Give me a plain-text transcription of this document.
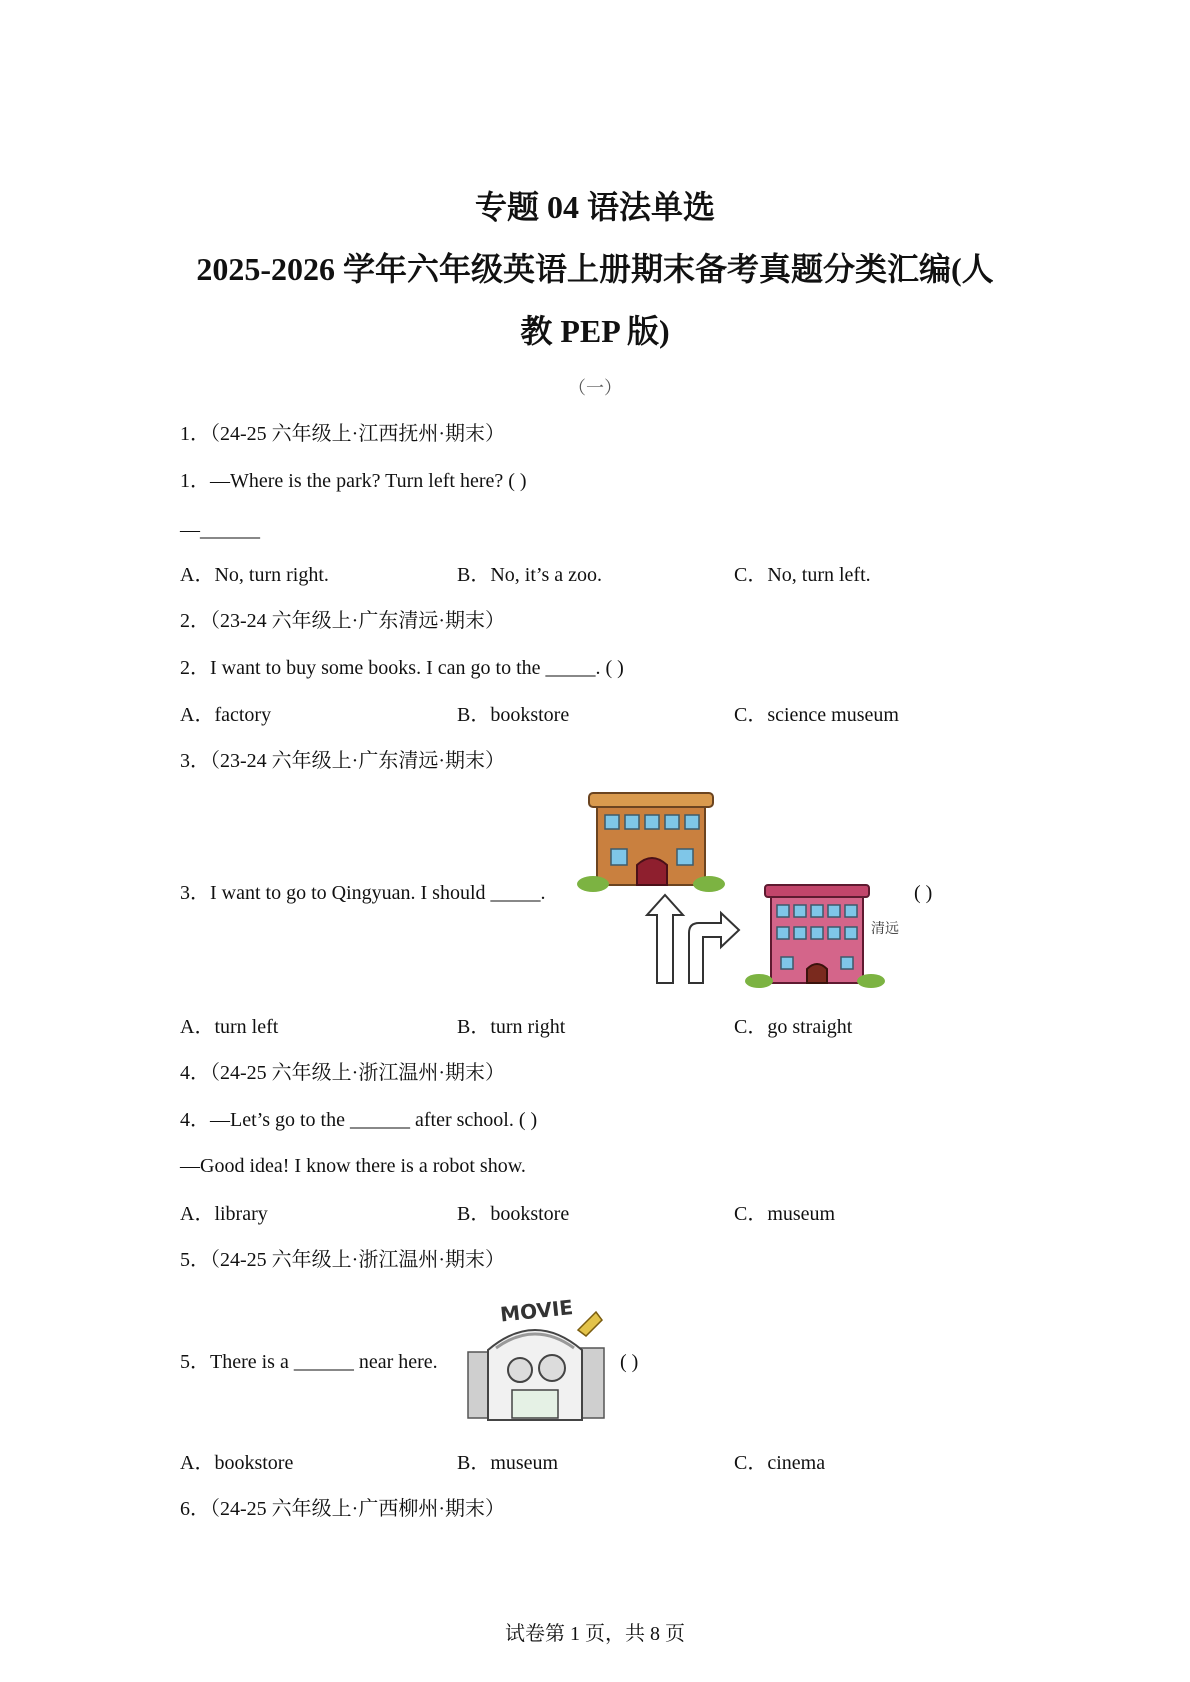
专题 04 语法单选
2025-2026 学年六年级英语上册期末备考真题分类汇编(人
教 PEP 版)
（一）
1．（24-25 六年级上·江西抚州·期末）
1．—Where is the park? Turn left here? ( )
—______
A．No, turn right.	B．No, it’s a zoo.	C．No, turn left.
2．（23-24 六年级上·广东清远·期末）
2．I want to buy some books. I can go to the _____. ( )
A．factory	B．bookstore	C．science museum
3．（23-24 六年级上·广东清远·期末）
3．I want to go to Qingyuan. I should _____.	( )
清远
A．turn left	B．turn right	C．go straight
4．（24-25 六年级上·浙江温州·期末）
4．—Let’s go to the ______ after school. ( )
—Good idea! I know there is a robot show.
A．library	B．bookstore	C．museum
5．（24-25 六年级上·浙江温州·期末）
5．There is a ______ near here.
MOVIE
( )
A．bookstore	B．museum	C．cinema
6．（24-25 六年级上·广西柳州·期末）
试卷第 1 页，共 8 页
